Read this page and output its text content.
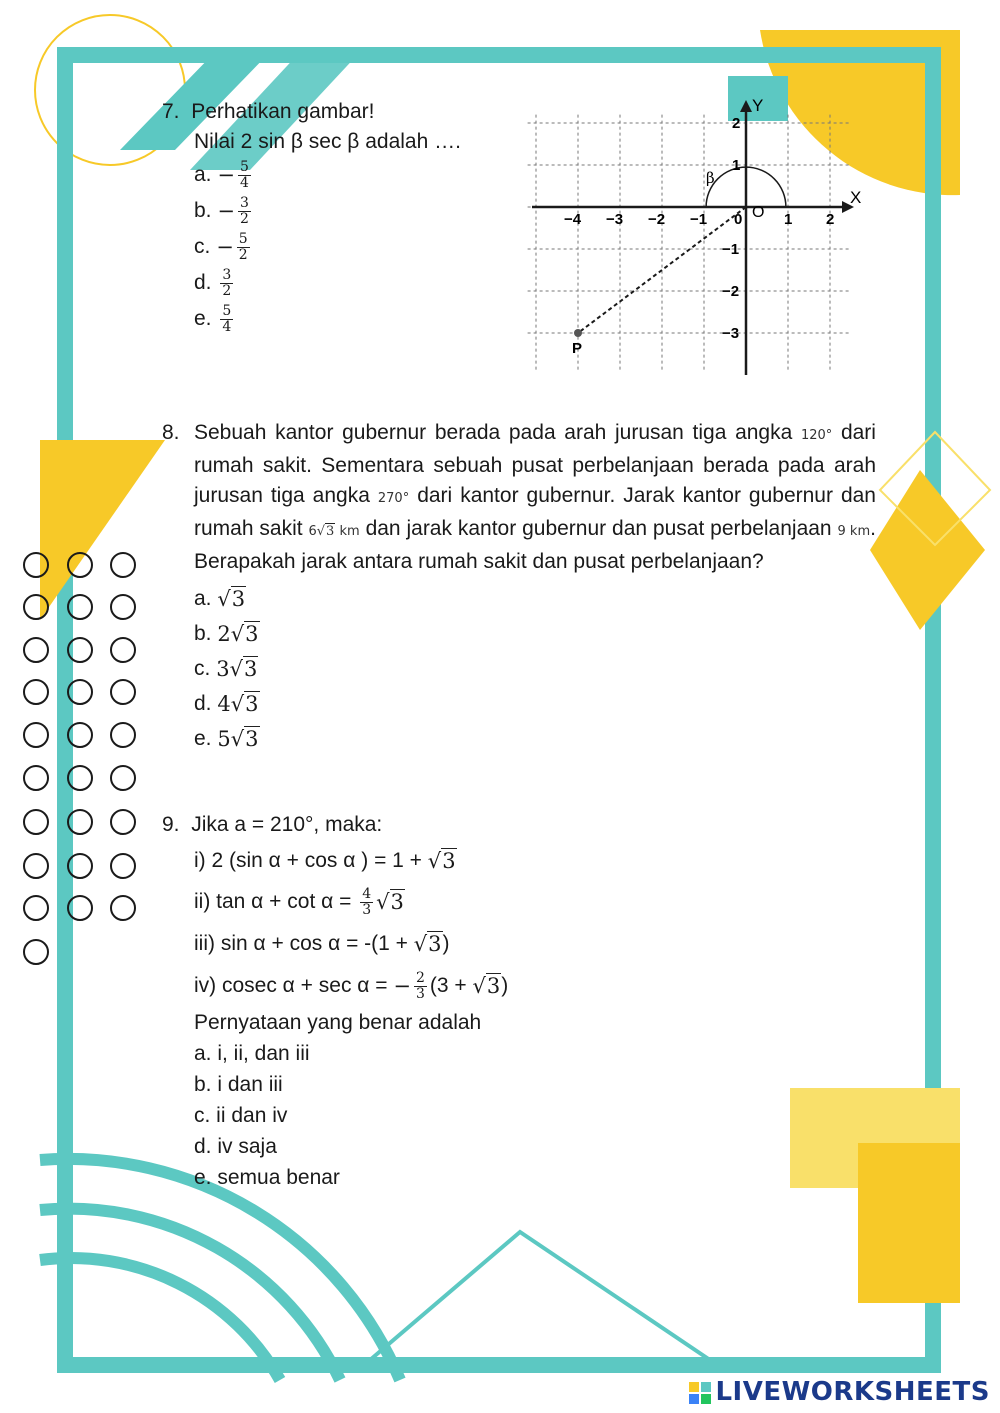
7. Perhatikan gambar!
Nilai 2 sin β sec β adalah ….
a.
− $\frac{5}{4}$
b.
− $\frac{3}{2}$
c.
− $\frac{5}{2}$
d.
$\frac{3}{2}$
e.
$\frac{5}{4}$
−4 −3 −2 −1 0	1 2
2
1
−1
−2
−3
X
Y
O
β
P
8. Sebuah kantor gubernur berada pada arah jurusan tiga angka 120° dari rumah sakit. Sementara sebuah pusat perbelanjaan berada pada arah jurusan tiga angka 270° dari kantor gubernur. Jarak kantor gubernur dan rumah sakit 6√3 km dan jarak kantor gubernur dan pusat perbelanjaan 9 km. Berapakah jarak antara rumah sakit dan pusat perbelanjaan?
a.
√3
b.
2√3
c.
3√3
d.
4√3
e.
5√3
9. Jika a = 210°, maka:
i) 2 (sin α + cos α ) = 1 +
√3
ii) tan α + cot α =
$\frac{4}{3} √3$
iii) sin α + cos α = -(1 +
√3 )
iv) cosec α + sec α =
− $\frac{2}{3} (3$ +
√3 )
Pernyataan yang benar adalah
a. i, ii, dan iii
b. i dan iii
c. ii dan iv
d. iv saja
e. semua benar
LIVEWORKSHEETS
